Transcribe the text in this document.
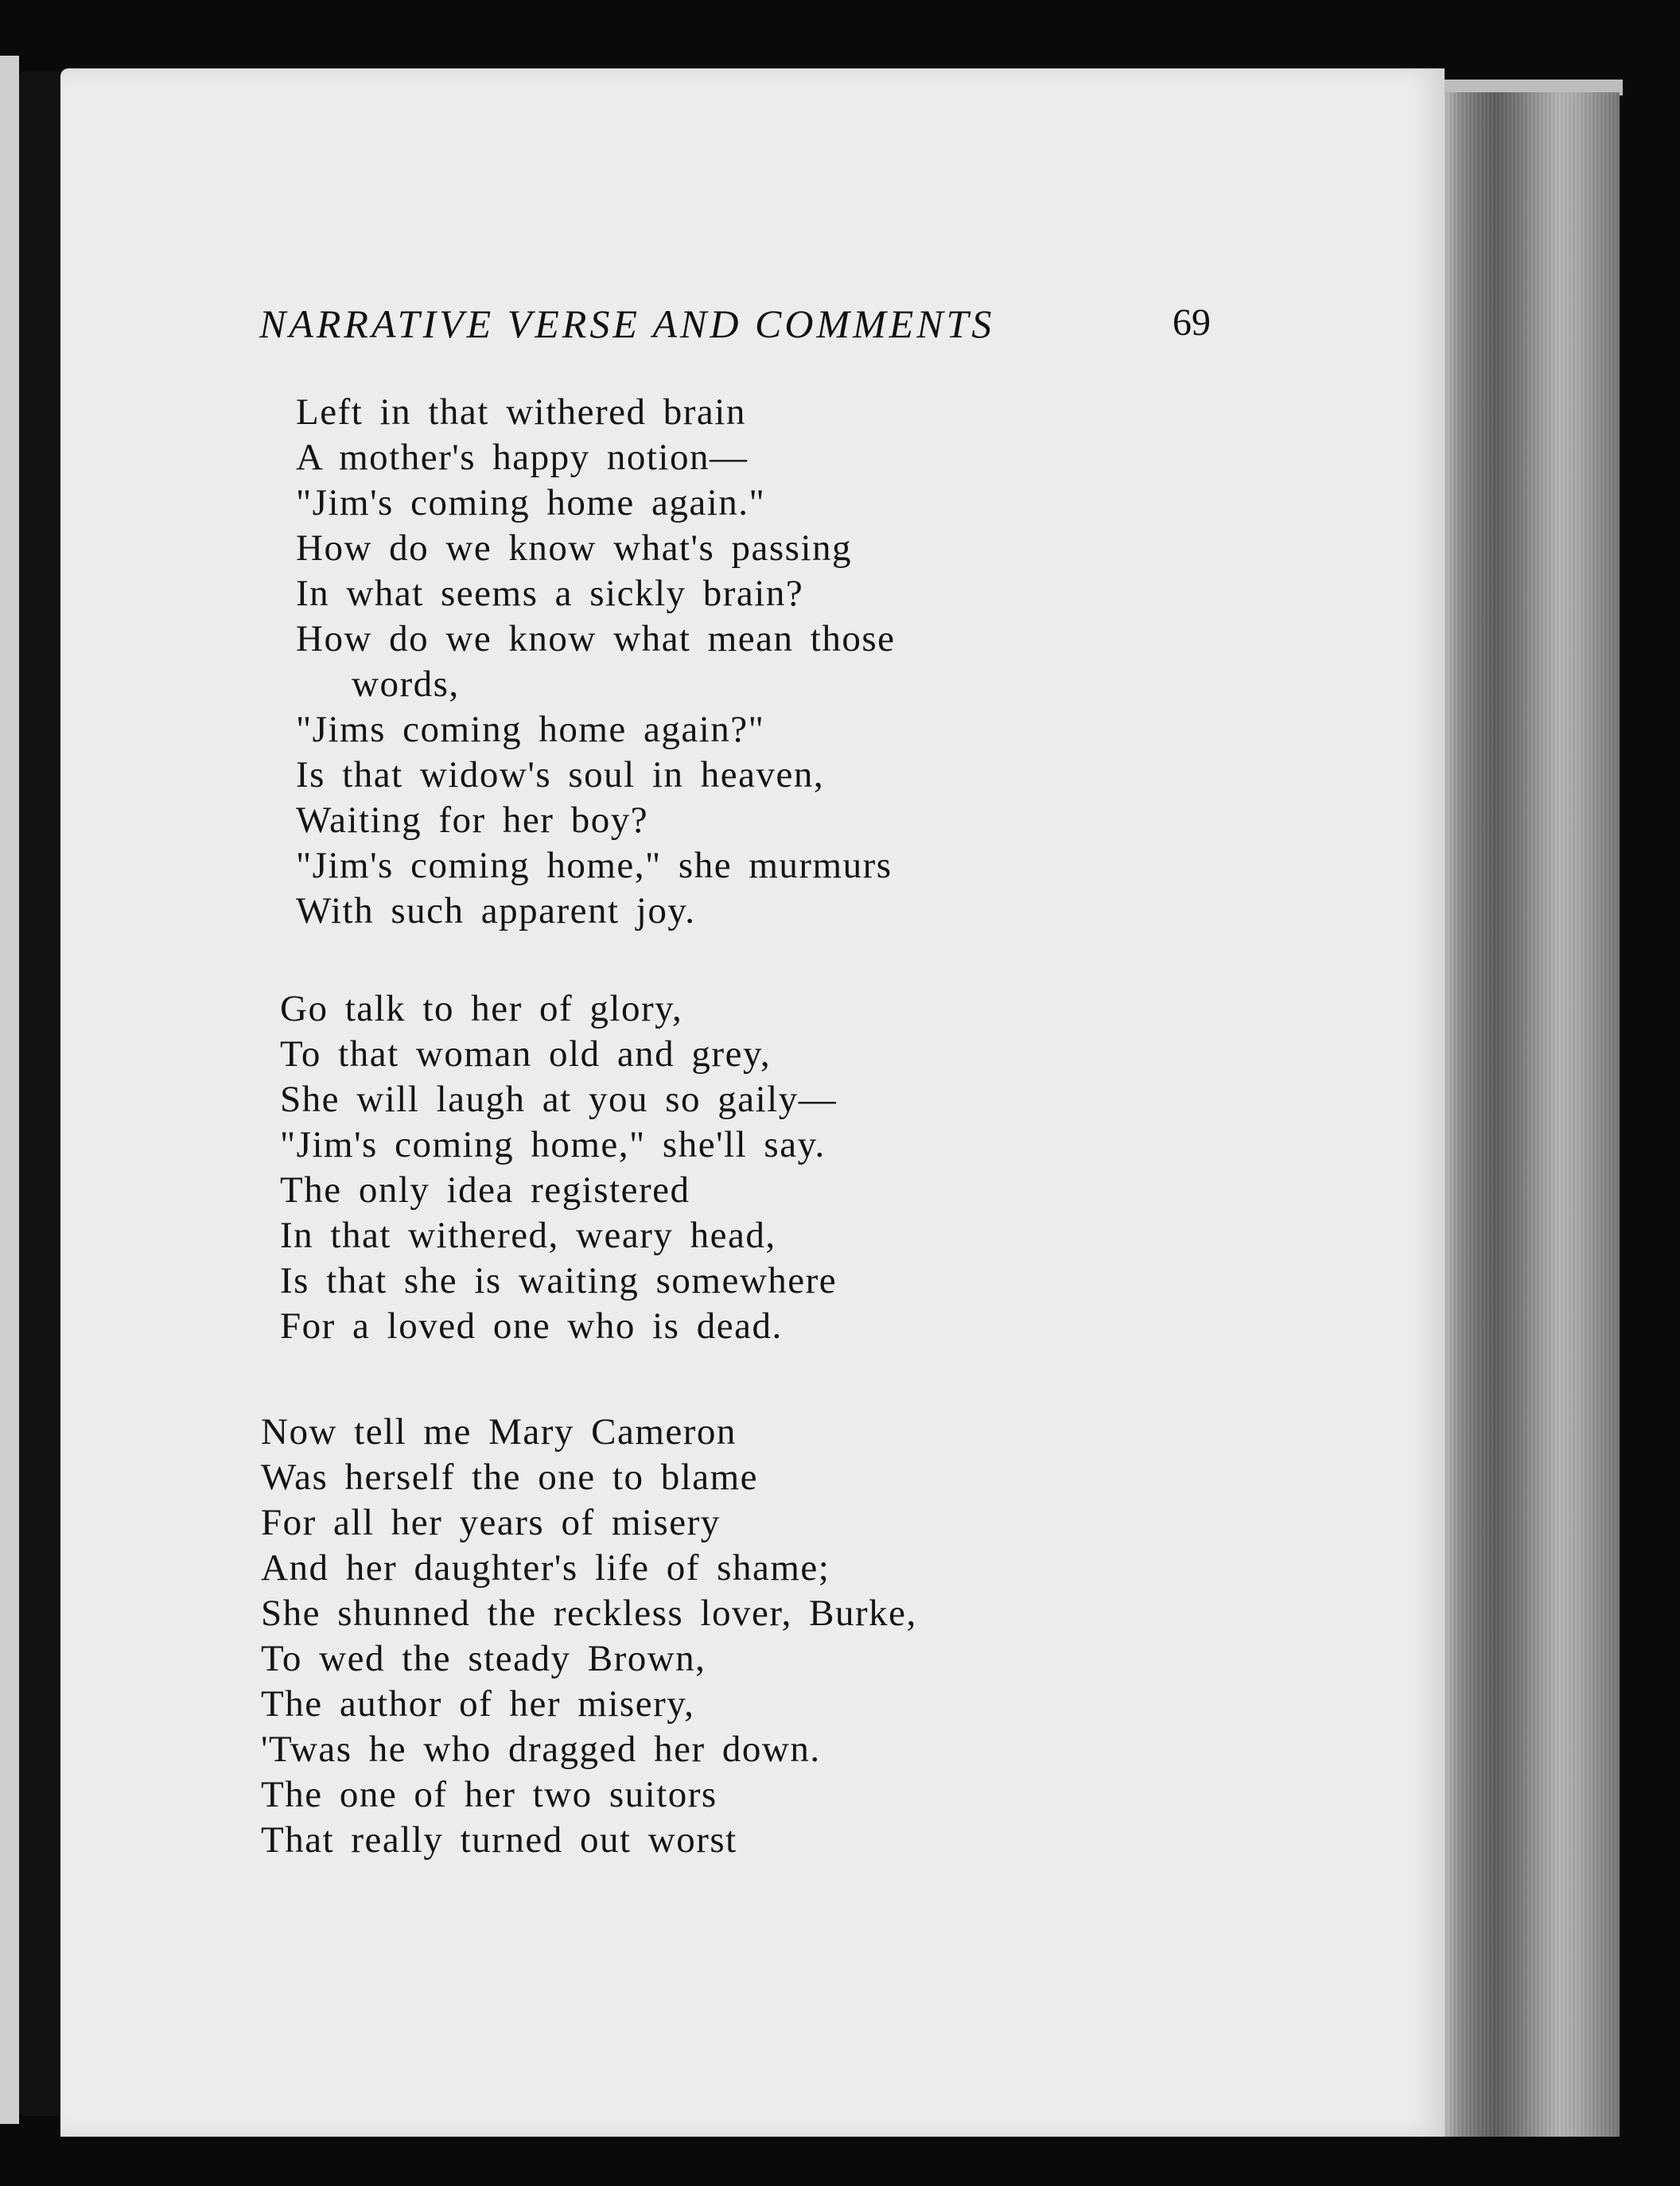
NARRATIVE VERSE AND COMMENTS	69
Left in that withered brain
A mother's happy notion—
"Jim's coming home again."
How do we know what's passing
In what seems a sickly brain?
How do we know what mean those
words,
"Jims coming home again?"
Is that widow's soul in heaven,
Waiting for her boy?
"Jim's coming home," she murmurs
With such apparent joy.
Go talk to her of glory,
To that woman old and grey,
She will laugh at you so gaily—
"Jim's coming home," she'll say.
The only idea registered
In that withered, weary head,
Is that she is waiting somewhere
For a loved one who is dead.
Now tell me Mary Cameron
Was herself the one to blame
For all her years of misery
And her daughter's life of shame;
She shunned the reckless lover, Burke,
To wed the steady Brown,
The author of her misery,
'Twas he who dragged her down.
The one of her two suitors
That really turned out worst
